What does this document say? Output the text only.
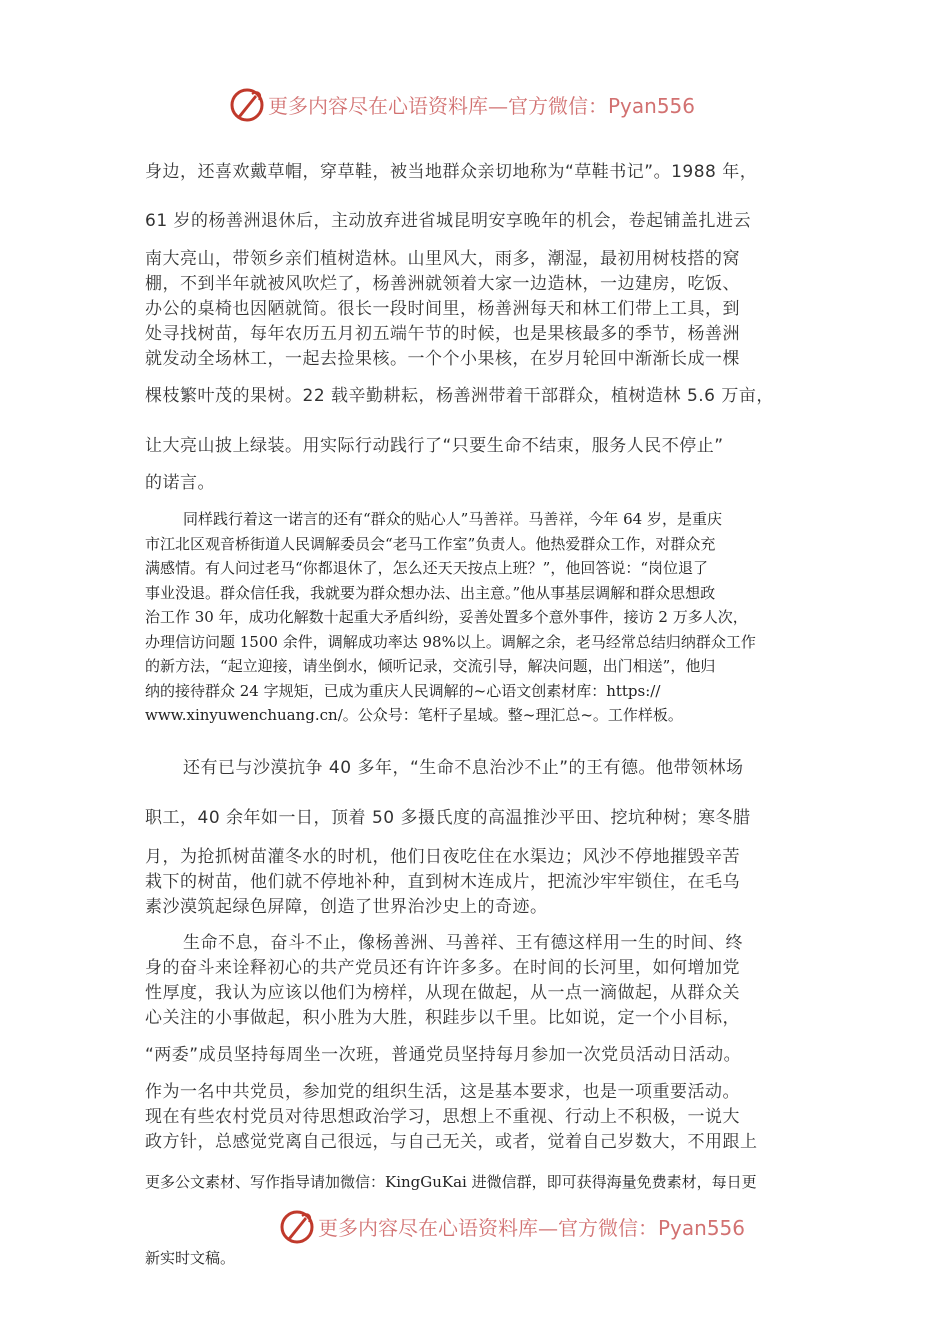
更多内容尽在心语资料库—官方微信：Pyan556
身边，还喜欢戴草帽，穿草鞋，被当地群众亲切地称为“草鞋书记”。1988 年，
61 岁的杨善洲退休后，主动放弃进省城昆明安享晚年的机会，卷起铺盖扎进云
南大亮山，带领乡亲们植树造林。山里风大，雨多，潮湿，最初用树枝搭的窝
棚，不到半年就被风吹烂了，杨善洲就领着大家一边造林，一边建房，吃饭、
办公的桌椅也因陋就简。很长一段时间里，杨善洲每天和林工们带上工具，到
处寻找树苗，每年农历五月初五端午节的时候，也是果核最多的季节，杨善洲
就发动全场林工，一起去捡果核。一个个小果核，在岁月轮回中渐渐长成一棵
棵枝繁叶茂的果树。22 载辛勤耕耘，杨善洲带着干部群众，植树造林 5.6 万亩，
让大亮山披上绿装。用实际行动践行了“只要生命不结束，服务人民不停止”
的诺言。
同样践行着这一诺言的还有“群众的贴心人”马善祥。马善祥，今年 64 岁，是重庆
市江北区观音桥街道人民调解委员会“老马工作室”负责人。他热爱群众工作，对群众充
满感情。有人问过老马“你都退休了，怎么还天天按点上班？”，他回答说：“岗位退了
事业没退。群众信任我，我就要为群众想办法、出主意。”他从事基层调解和群众思想政
治工作 30 年，成功化解数十起重大矛盾纠纷，妥善处置多个意外事件，接访 2 万多人次，
办理信访问题 1500 余件，调解成功率达 98%以上。调解之余，老马经常总结归纳群众工作
的新方法，“起立迎接，请坐倒水，倾听记录，交流引导，解决问题，出门相送”，他归
纳的接待群众 24 字规矩，已成为重庆人民调解的~心语文创素材库：https://
www.xinyuwenchuang.cn/。公众号：笔杆子星域。整~理汇总~。工作样板。
还有已与沙漠抗争 40 多年，“生命不息治沙不止”的王有德。他带领林场
职工，40 余年如一日，顶着 50 多摄氏度的高温推沙平田、挖坑种树；寒冬腊
月，为抢抓树苗灌冬水的时机，他们日夜吃住在水渠边；风沙不停地摧毁辛苦
栽下的树苗，他们就不停地补种，直到树木连成片，把流沙牢牢锁住，在毛乌
素沙漠筑起绿色屏障，创造了世界治沙史上的奇迹。
生命不息，奋斗不止，像杨善洲、马善祥、王有德这样用一生的时间、终
身的奋斗来诠释初心的共产党员还有许许多多。在时间的长河里，如何增加党
性厚度，我认为应该以他们为榜样，从现在做起，从一点一滴做起，从群众关
心关注的小事做起，积小胜为大胜，积跬步以千里。比如说，定一个小目标，
“两委”成员坚持每周坐一次班，普通党员坚持每月参加一次党员活动日活动。
作为一名中共党员，参加党的组织生活，这是基本要求，也是一项重要活动。
现在有些农村党员对待思想政治学习，思想上不重视、行动上不积极，一说大
政方针，总感觉党离自己很远，与自己无关，或者，觉着自己岁数大，不用跟上
更多公文素材、写作指导请加微信：KingGuKai 进微信群，即可获得海量免费素材，每日更
更多内容尽在心语资料库—官方微信：Pyan556
新实时文稿。
